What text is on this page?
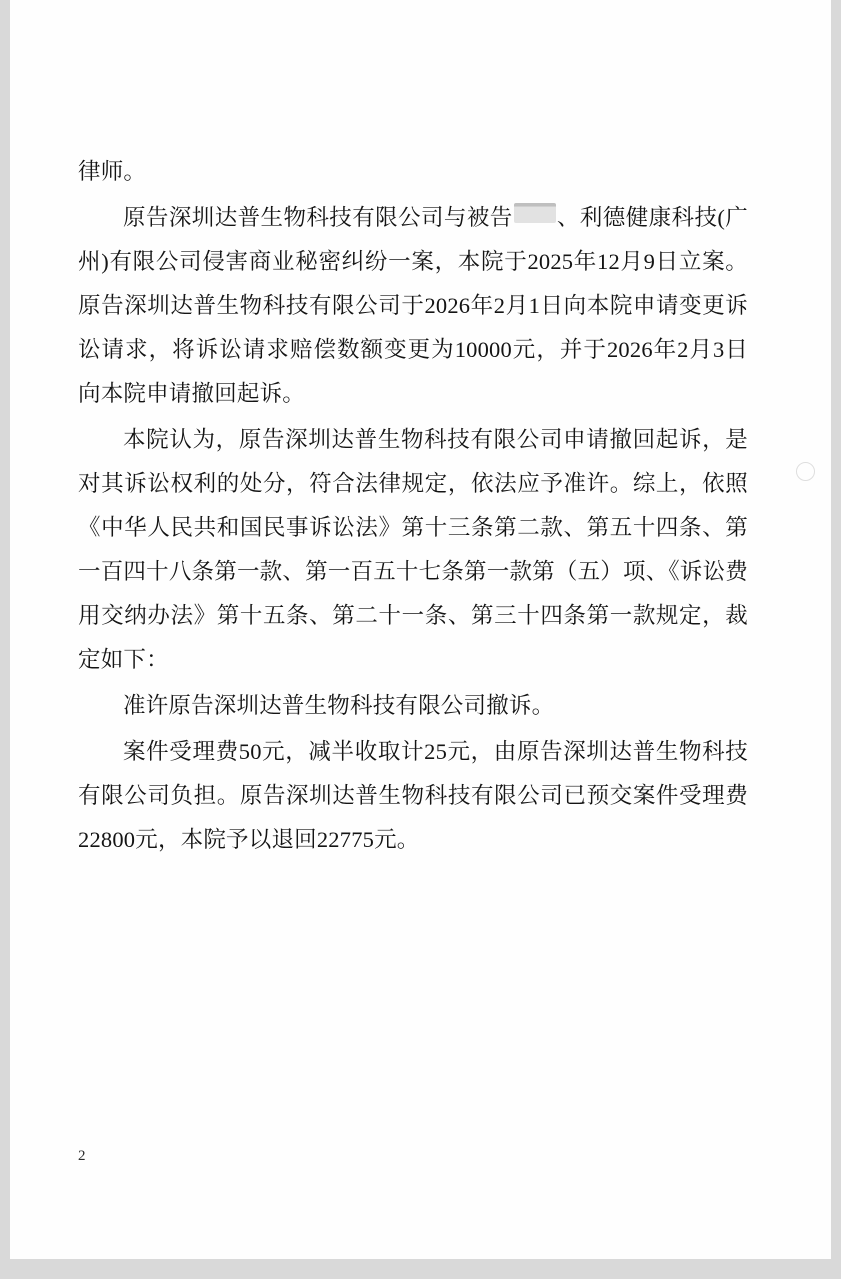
律师。

原告深圳达普生物科技有限公司与被告 、利德健康科技(广州)有限公司侵害商业秘密纠纷一案，本院于2025年12月9日立案。原告深圳达普生物科技有限公司于2026年2月1日向本院申请变更诉讼请求，将诉讼请求赔偿数额变更为10000元，并于2026年2月3日向本院申请撤回起诉。

本院认为，原告深圳达普生物科技有限公司申请撤回起诉，是对其诉讼权利的处分，符合法律规定，依法应予准许。综上，依照《中华人民共和国民事诉讼法》第十三条第二款、第五十四条、第一百四十八条第一款、第一百五十七条第一款第（五）项、《诉讼费用交纳办法》第十五条、第二十一条、第三十四条第一款规定，裁定如下：

准许原告深圳达普生物科技有限公司撤诉。

案件受理费50元，减半收取计25元，由原告深圳达普生物科技有限公司负担。原告深圳达普生物科技有限公司已预交案件受理费22800元，本院予以退回22775元。

2
